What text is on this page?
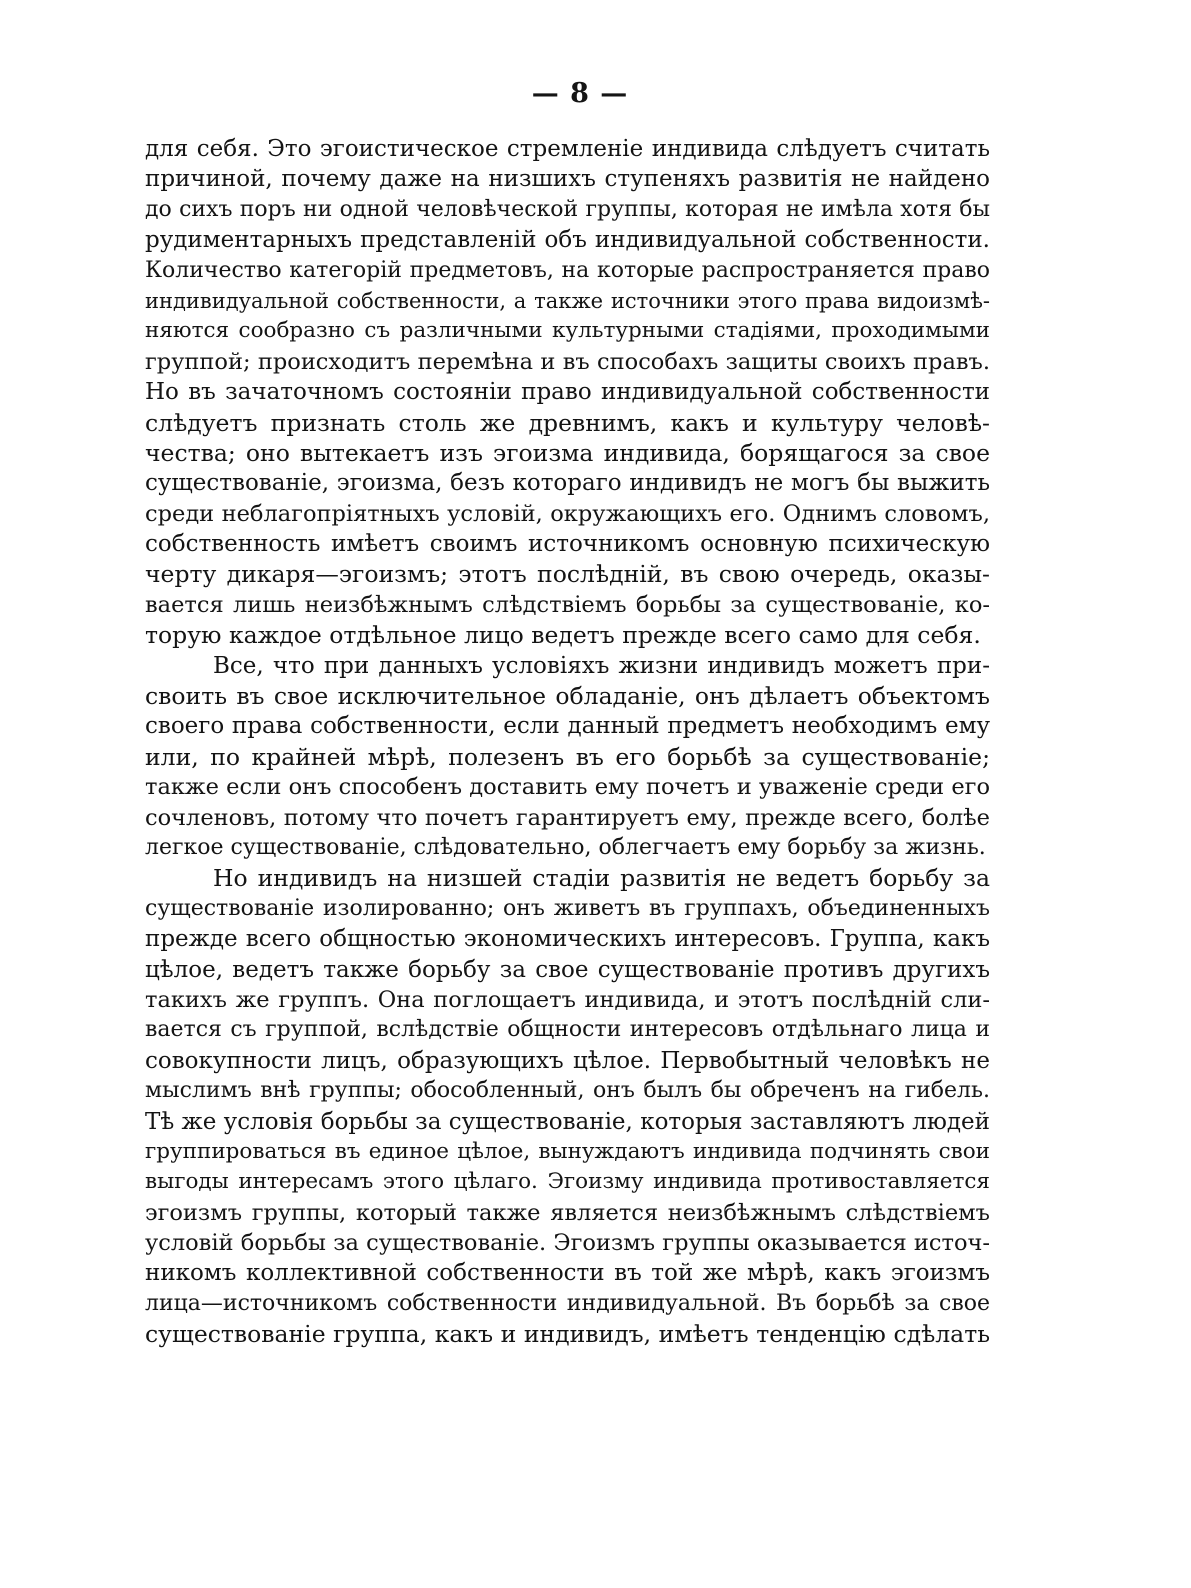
— 8 —
для себя. Это эгоистическое стремленіе индивида слѣдуетъ считать
причиной, почему даже на низшихъ ступеняхъ развитія не найдено
до сихъ поръ ни одной человѣческой группы, которая не имѣла хотя бы
рудиментарныхъ представленій объ индивидуальной собственности.
Количество категорій предметовъ, на которые распространяется право
индивидуальной собственности, а также источники этого права видоизмѣ-
няются сообразно съ различными культурными стадіями, проходимыми
группой; происходитъ перемѣна и въ способахъ защиты своихъ правъ.
Но въ зачаточномъ состояніи право индивидуальной собственности
слѣдуетъ признать столь же древнимъ, какъ и культуру человѣ-
чества; оно вытекаетъ изъ эгоизма индивида, борящагося за свое
существованіе, эгоизма, безъ котораго индивидъ не могъ бы выжить
среди неблагопріятныхъ условій, окружающихъ его. Однимъ словомъ,
собственность имѣетъ своимъ источникомъ основную психическую
черту дикаря—эгоизмъ; этотъ послѣдній, въ свою очередь, оказы-
вается лишь неизбѣжнымъ слѣдствіемъ борьбы за существованіе, ко-
торую каждое отдѣльное лицо ведетъ прежде всего само для себя.
Все, что при данныхъ условіяхъ жизни индивидъ можетъ при-
своить въ свое исключительное обладаніе, онъ дѣлаетъ объектомъ
своего права собственности, если данный предметъ необходимъ ему
или, по крайней мѣрѣ, полезенъ въ его борьбѣ за существованіе;
также если онъ способенъ доставить ему почетъ и уваженіе среди его
сочленовъ, потому что почетъ гарантируетъ ему, прежде всего, болѣе
легкое существованіе, слѣдовательно, облегчаетъ ему борьбу за жизнь.
Но индивидъ на низшей стадіи развитія не ведетъ борьбу за
существованіе изолированно; онъ живетъ въ группахъ, объединенныхъ
прежде всего общностью экономическихъ интересовъ. Группа, какъ
цѣлое, ведетъ также борьбу за свое существованіе противъ другихъ
такихъ же группъ. Она поглощаетъ индивида, и этотъ послѣдній сли-
вается съ группой, вслѣдствіе общности интересовъ отдѣльнаго лица и
совокупности лицъ, образующихъ цѣлое. Первобытный человѣкъ не
мыслимъ внѣ группы; обособленный, онъ былъ бы обреченъ на гибель.
Тѣ же условія борьбы за существованіе, которыя заставляютъ людей
группироваться въ единое цѣлое, вынуждаютъ индивида подчинять свои
выгоды интересамъ этого цѣлаго. Эгоизму индивида противоставляется
эгоизмъ группы, который также является неизбѣжнымъ слѣдствіемъ
условій борьбы за существованіе. Эгоизмъ группы оказывается источ-
никомъ коллективной собственности въ той же мѣрѣ, какъ эгоизмъ
лица—источникомъ собственности индивидуальной. Въ борьбѣ за свое
существованіе группа, какъ и индивидъ, имѣетъ тенденцію сдѣлать
